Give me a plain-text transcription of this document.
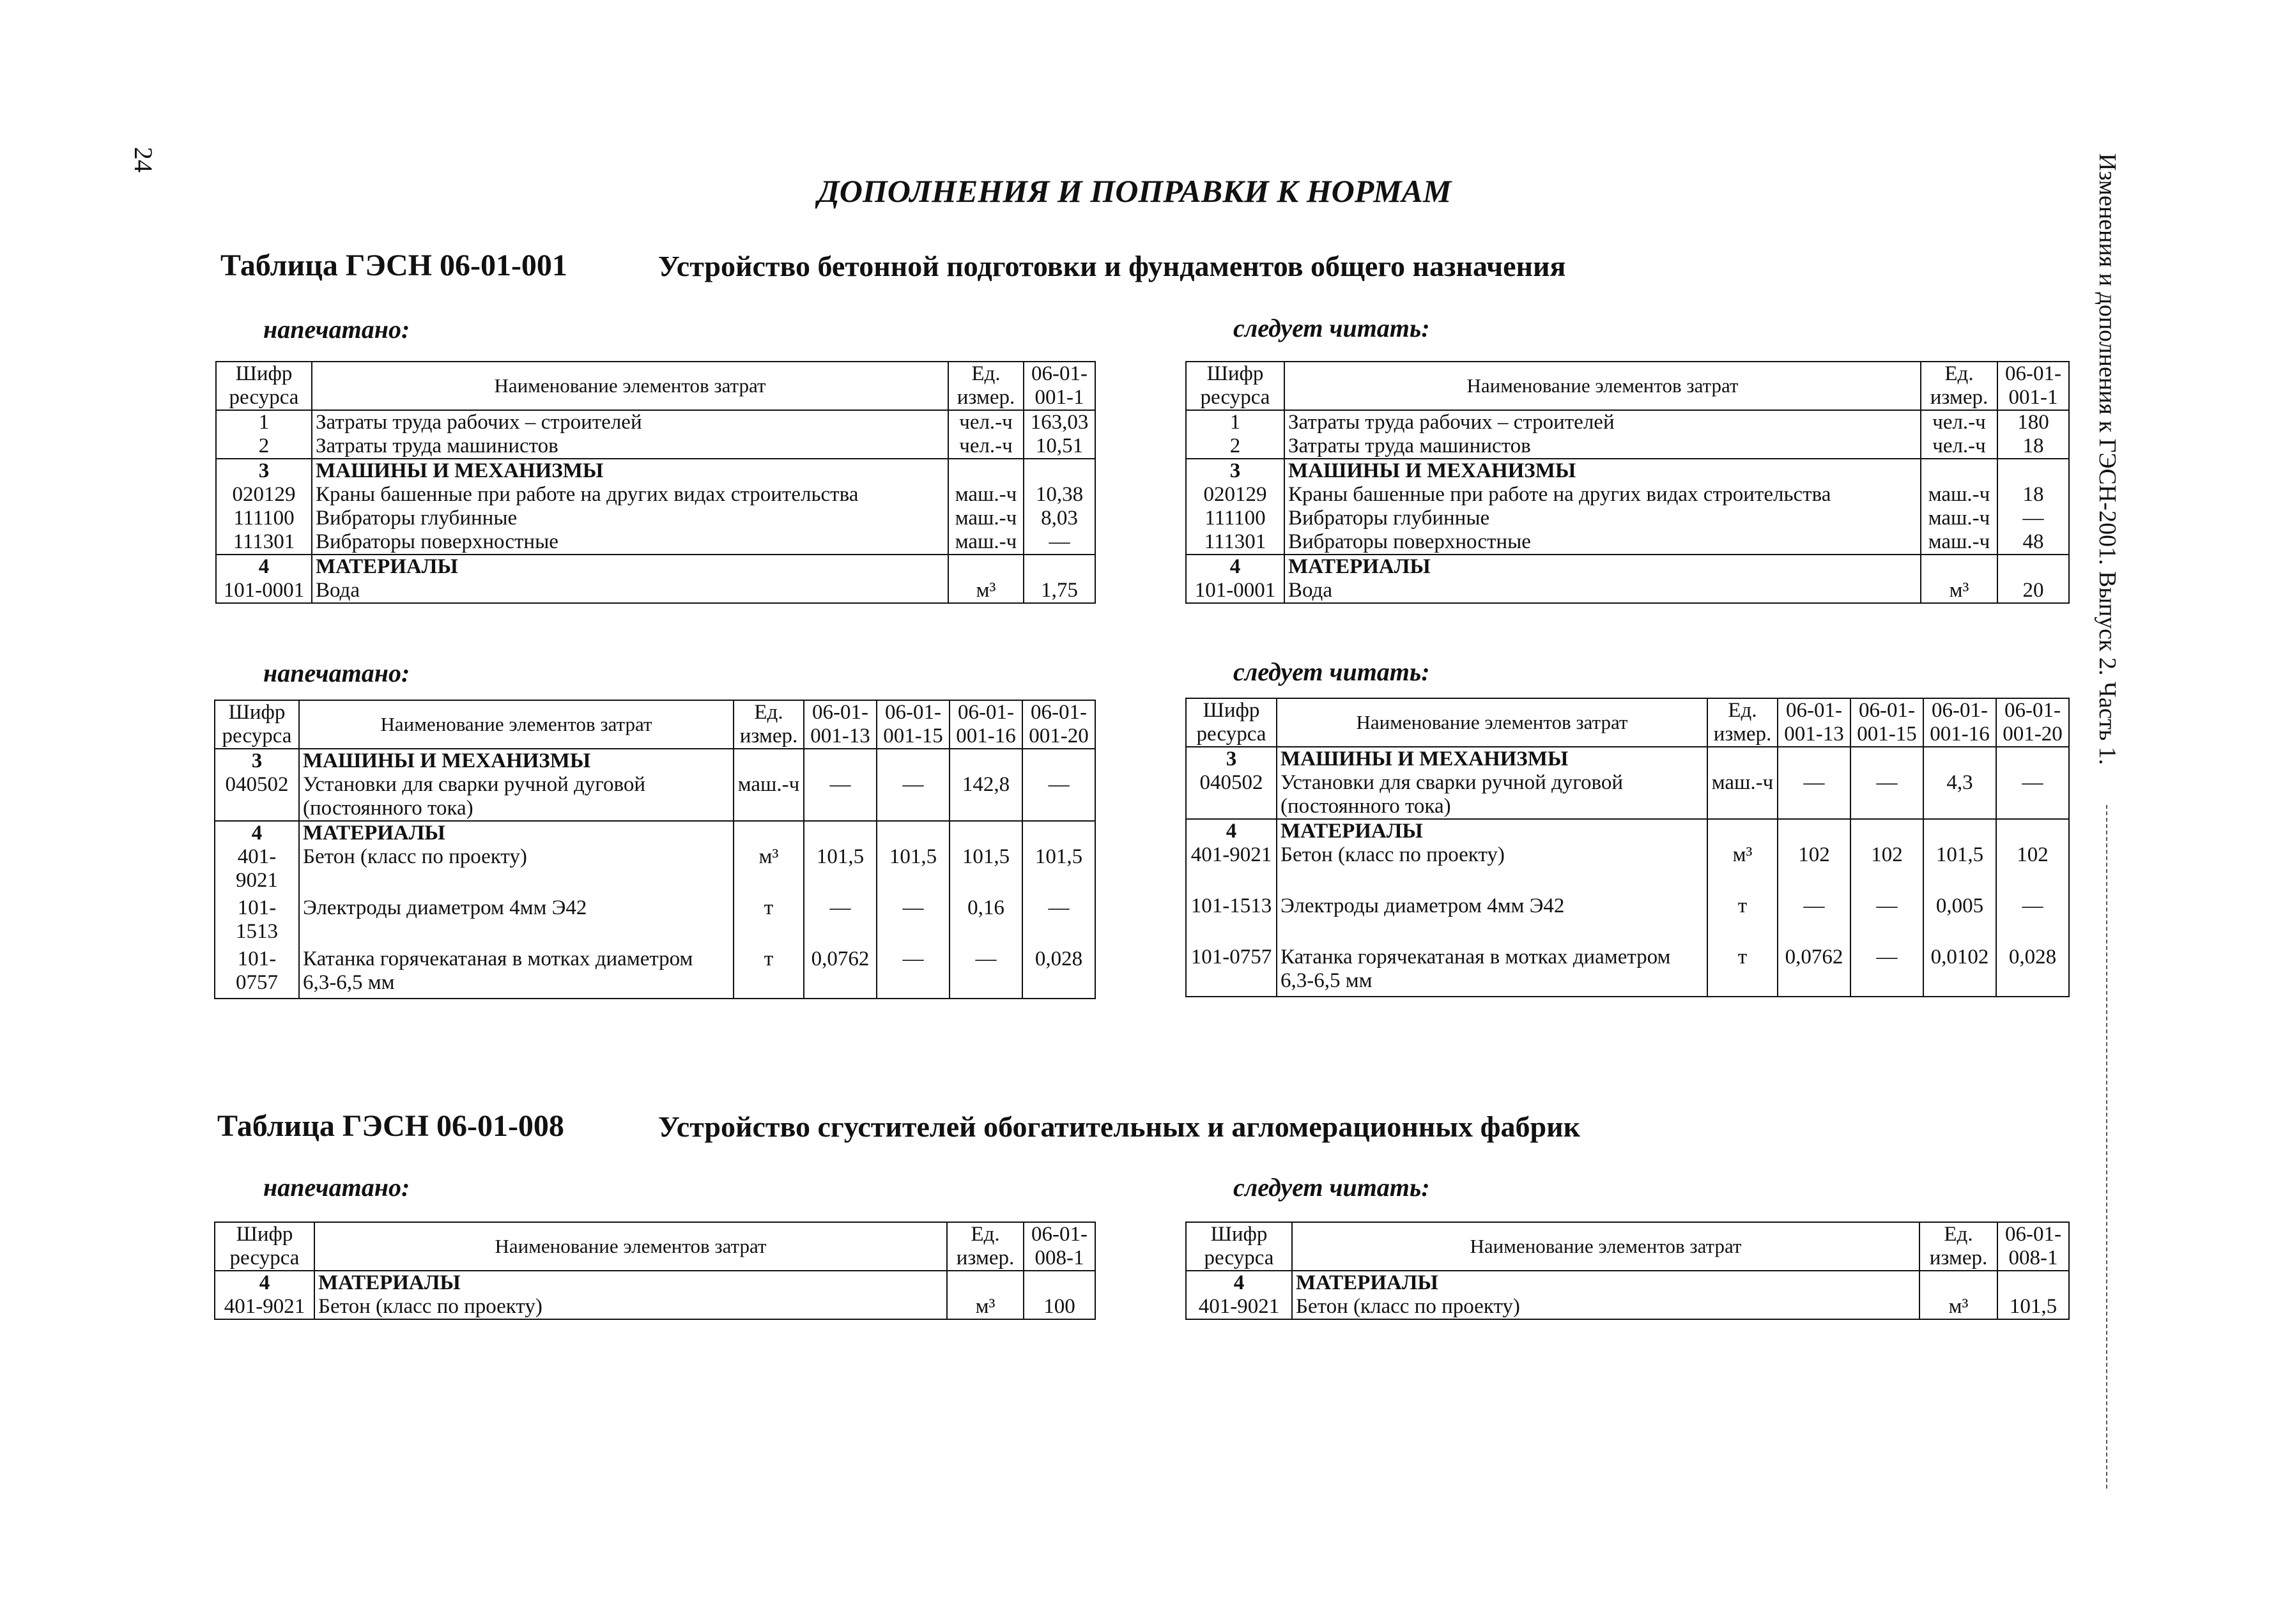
24	Изменения и дополнения к ГЭСН-2001. Выпуск 2. Часть 1.
ДОПОЛНЕНИЯ И ПОПРАВКИ К НОРМАМ
Таблица ГЭСН 06-01-001	Устройство бетонной подготовки и фундаментов общего назначения
напечатано:	следует читать:
Шифр ресурса	Наименование элементов затрат	Ед. измер.	06-01-001-1
1	Затраты труда рабочих – строителей	чел.-ч	163,03
2	Затраты труда машинистов	чел.-ч	10,51
3	МАШИНЫ И МЕХАНИЗМЫ		
020129	Краны башенные при работе на других видах строительства	маш.-ч	10,38
111100	Вибраторы глубинные	маш.-ч	8,03
111301	Вибраторы поверхностные	маш.-ч	—
4	МАТЕРИАЛЫ		
101-0001	Вода	м³	1,75
Шифр ресурса	Наименование элементов затрат	Ед. измер.	06-01-001-1
1	Затраты труда рабочих – строителей	чел.-ч	180
2	Затраты труда машинистов	чел.-ч	18
3	МАШИНЫ И МЕХАНИЗМЫ		
020129	Краны башенные при работе на других видах строительства	маш.-ч	18
111100	Вибраторы глубинные	маш.-ч	—
111301	Вибраторы поверхностные	маш.-ч	48
4	МАТЕРИАЛЫ		
101-0001	Вода	м³	20
напечатано:	следует читать:
Шифр ресурса	Наименование элементов затрат	Ед. измер.	06-01-001-13	06-01-001-15	06-01-001-16	06-01-001-20
3	МАШИНЫ И МЕХАНИЗМЫ					
040502	Установки для сварки ручной дуговой (постоянного тока)	маш.-ч	—	—	142,8	—
4	МАТЕРИАЛЫ					
401-9021	Бетон (класс по проекту)	м³	101,5	101,5	101,5	101,5
101-1513	Электроды диаметром 4мм Э42	т	—	—	0,16	—
101-0757	Катанка горячекатаная в мотках диаметром 6,3-6,5 мм	т	0,0762	—	—	0,028
Шифр ресурса	Наименование элементов затрат	Ед. измер.	06-01-001-13	06-01-001-15	06-01-001-16	06-01-001-20
3	МАШИНЫ И МЕХАНИЗМЫ					
040502	Установки для сварки ручной дуговой (постоянного тока)	маш.-ч	—	—	4,3	—
4	МАТЕРИАЛЫ					
401-9021	Бетон (класс по проекту)	м³	102	102	101,5	102
101-1513	Электроды диаметром 4мм Э42	т	—	—	0,005	—
101-0757	Катанка горячекатаная в мотках диаметром 6,3-6,5 мм	т	0,0762	—	0,0102	0,028
Таблица ГЭСН 06-01-008	Устройство сгустителей обогатительных и агломерационных фабрик
напечатано:	следует читать:
Шифр ресурса	Наименование элементов затрат	Ед. измер.	06-01-008-1
4	МАТЕРИАЛЫ		
401-9021	Бетон (класс по проекту)	м³	100
Шифр ресурса	Наименование элементов затрат	Ед. измер.	06-01-008-1
4	МАТЕРИАЛЫ		
401-9021	Бетон (класс по проекту)	м³	101,5
